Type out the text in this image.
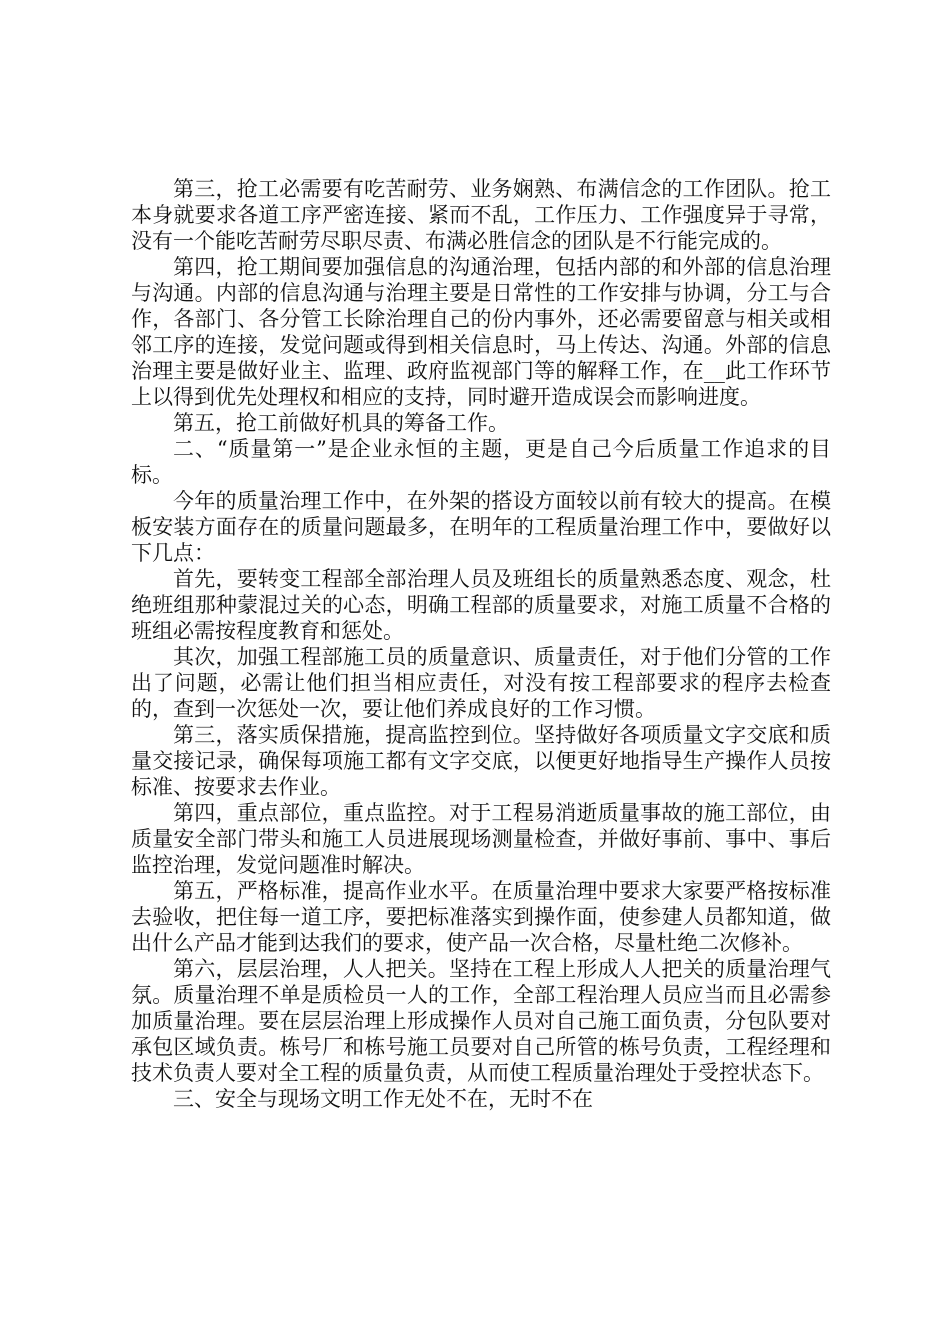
第三，抢工必需要有吃苦耐劳、业务娴熟、布满信念的工作团队。抢工本身就要求各道工序严密连接、紧而不乱，工作压力、工作强度异于寻常，没有一个能吃苦耐劳尽职尽责、布满必胜信念的团队是不行能完成的。

第四，抢工期间要加强信息的沟通治理，包括内部的和外部的信息治理与沟通。内部的信息沟通与治理主要是日常性的工作安排与协调，分工与合作，各部门、各分管工长除治理自己的份内事外，还必需要留意与相关或相邻工序的连接，发觉问题或得到相关信息时，马上传达、沟通。外部的信息治理主要是做好业主、监理、政府监视部门等的解释工作，在__此工作环节上以得到优先处理权和相应的支持，同时避开造成误会而影响进度。

第五，抢工前做好机具的筹备工作。

二、“质量第一”是企业永恒的主题，更是自己今后质量工作追求的目标。

今年的质量治理工作中，在外架的搭设方面较以前有较大的提高。在模板安装方面存在的质量问题最多，在明年的工程质量治理工作中，要做好以下几点：

首先，要转变工程部全部治理人员及班组长的质量熟悉态度、观念，杜绝班组那种蒙混过关的心态，明确工程部的质量要求，对施工质量不合格的班组必需按程度教育和惩处。

其次，加强工程部施工员的质量意识、质量责任，对于他们分管的工作出了问题，必需让他们担当相应责任，对没有按工程部要求的程序去检查的，查到一次惩处一次，要让他们养成良好的工作习惯。

第三，落实质保措施，提高监控到位。坚持做好各项质量文字交底和质量交接记录，确保每项施工都有文字交底，以便更好地指导生产操作人员按标准、按要求去作业。

第四，重点部位，重点监控。对于工程易消逝质量事故的施工部位，由质量安全部门带头和施工人员进展现场测量检查，并做好事前、事中、事后监控治理，发觉问题准时解决。

第五，严格标准，提高作业水平。在质量治理中要求大家要严格按标准去验收，把住每一道工序，要把标准落实到操作面，使参建人员都知道，做出什么产品才能到达我们的要求，使产品一次合格，尽量杜绝二次修补。

第六，层层治理，人人把关。坚持在工程上形成人人把关的质量治理气氛。质量治理不单是质检员一人的工作，全部工程治理人员应当而且必需参加质量治理。要在层层治理上形成操作人员对自己施工面负责，分包队要对承包区域负责。栋号厂和栋号施工员要对自己所管的栋号负责，工程经理和技术负责人要对全工程的质量负责，从而使工程质量治理处于受控状态下。

三、安全与现场文明工作无处不在，无时不在
